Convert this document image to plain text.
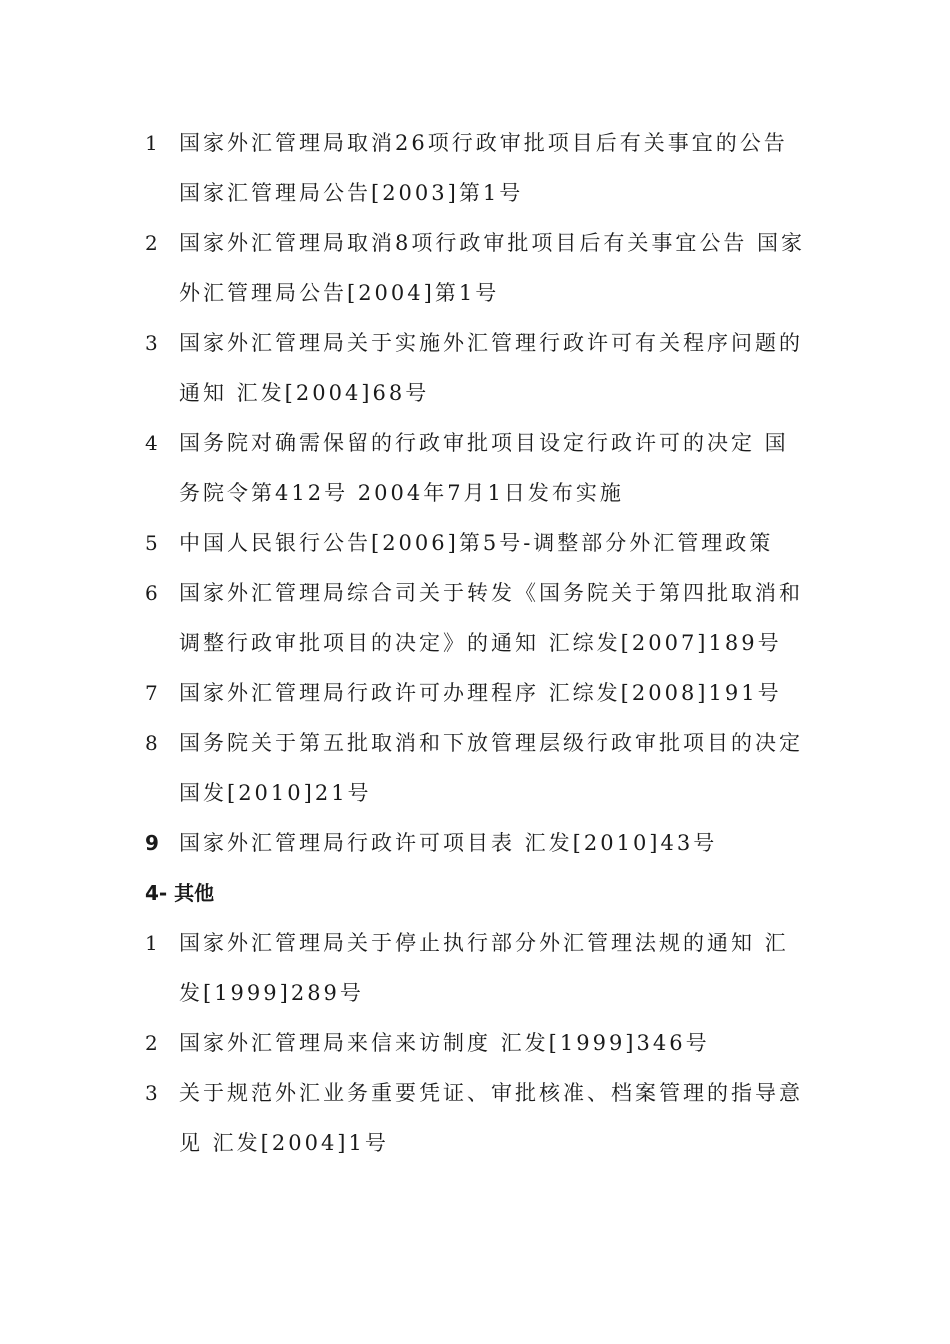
1	国家外汇管理局取消26项行政审批项目后有关事宜的公告 国家汇管理局公告[2003]第1号
2	国家外汇管理局取消8项行政审批项目后有关事宜公告 国家外汇管理局公告[2004]第1号
3	国家外汇管理局关于实施外汇管理行政许可有关程序问题的通知 汇发[2004]68号
4	国务院对确需保留的行政审批项目设定行政许可的决定 国务院令第412号 2004年7月1日发布实施
5	中国人民银行公告[2006]第5号-调整部分外汇管理政策
6	国家外汇管理局综合司关于转发《国务院关于第四批取消和调整行政审批项目的决定》的通知 汇综发[2007]189号
7	国家外汇管理局行政许可办理程序 汇综发[2008]191号
8	国务院关于第五批取消和下放管理层级行政审批项目的决定国发[2010]21号
9 国家外汇管理局行政许可项目表 汇发[2010]43号
4- 其他
1	国家外汇管理局关于停止执行部分外汇管理法规的通知 汇发[1999]289号
2	国家外汇管理局来信来访制度 汇发[1999]346号
3	关于规范外汇业务重要凭证、审批核准、档案管理的指导意见 汇发[2004]1号
